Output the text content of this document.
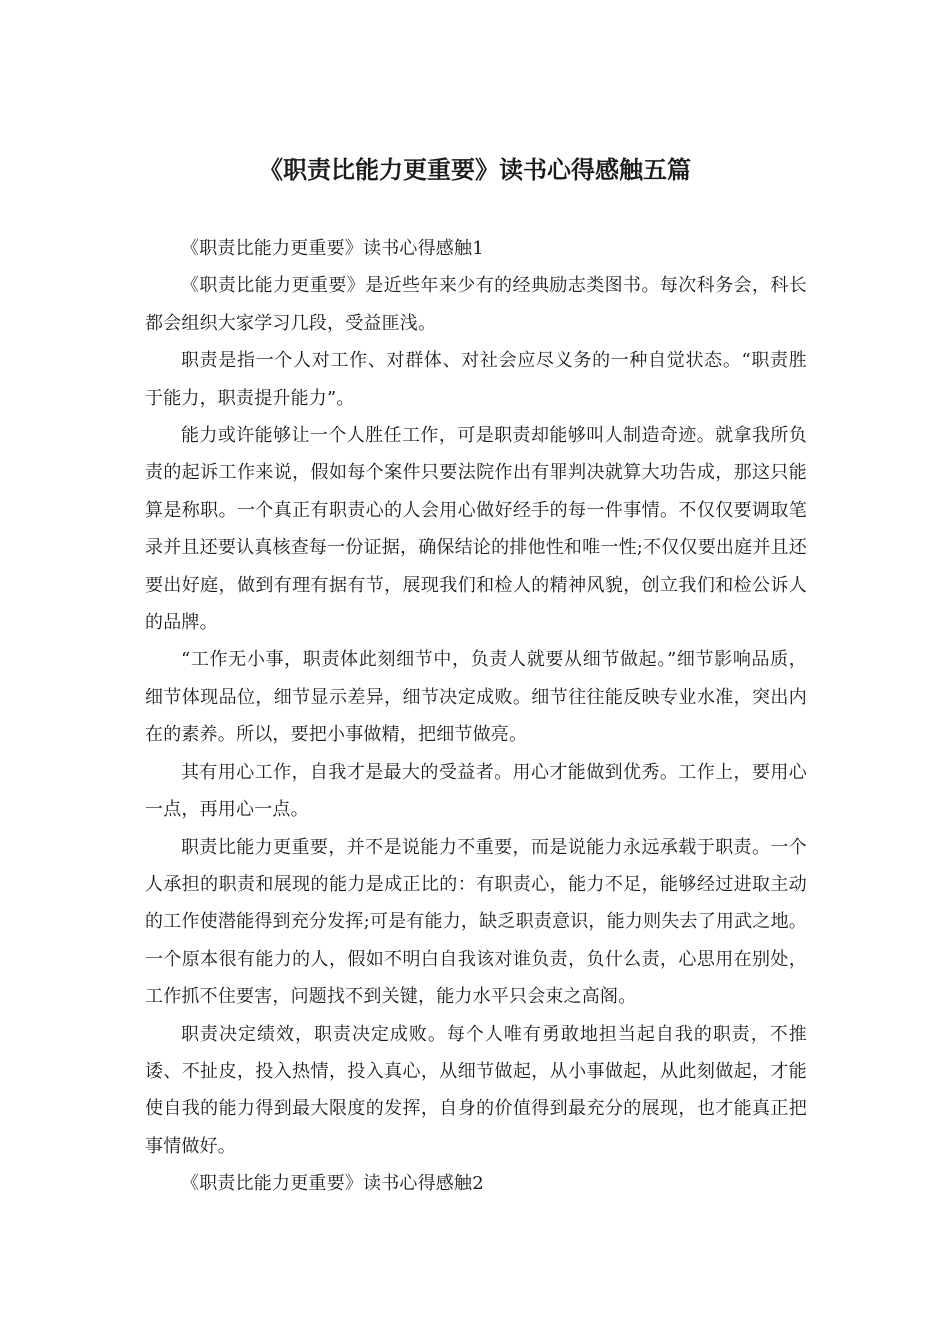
《职责比能力更重要》读书心得感触五篇

《职责比能力更重要》读书心得感触1

《职责比能力更重要》是近些年来少有的经典励志类图书。每次科务会，科长都会组织大家学习几段，受益匪浅。

职责是指一个人对工作、对群体、对社会应尽义务的一种自觉状态。“职责胜于能力，职责提升能力”。

能力或许能够让一个人胜任工作，可是职责却能够叫人制造奇迹。就拿我所负责的起诉工作来说，假如每个案件只要法院作出有罪判决就算大功告成，那这只能算是称职。一个真正有职责心的人会用心做好经手的每一件事情。不仅仅要调取笔录并且还要认真核查每一份证据，确保结论的排他性和唯一性;不仅仅要出庭并且还要出好庭，做到有理有据有节，展现我们和检人的精神风貌，创立我们和检公诉人的品牌。

“工作无小事，职责体此刻细节中，负责人就要从细节做起。”细节影响品质，细节体现品位，细节显示差异，细节决定成败。细节往往能反映专业水准，突出内在的素养。所以，要把小事做精，把细节做亮。

其有用心工作，自我才是最大的受益者。用心才能做到优秀。工作上，要用心一点，再用心一点。

职责比能力更重要，并不是说能力不重要，而是说能力永远承载于职责。一个人承担的职责和展现的能力是成正比的：有职责心，能力不足，能够经过进取主动的工作使潜能得到充分发挥;可是有能力，缺乏职责意识，能力则失去了用武之地。一个原本很有能力的人，假如不明白自我该对谁负责，负什么责，心思用在别处，工作抓不住要害，问题找不到关键，能力水平只会束之高阁。

职责决定绩效，职责决定成败。每个人唯有勇敢地担当起自我的职责，不推诿、不扯皮，投入热情，投入真心，从细节做起，从小事做起，从此刻做起，才能使自我的能力得到最大限度的发挥，自身的价值得到最充分的展现，也才能真正把事情做好。

《职责比能力更重要》读书心得感触2
